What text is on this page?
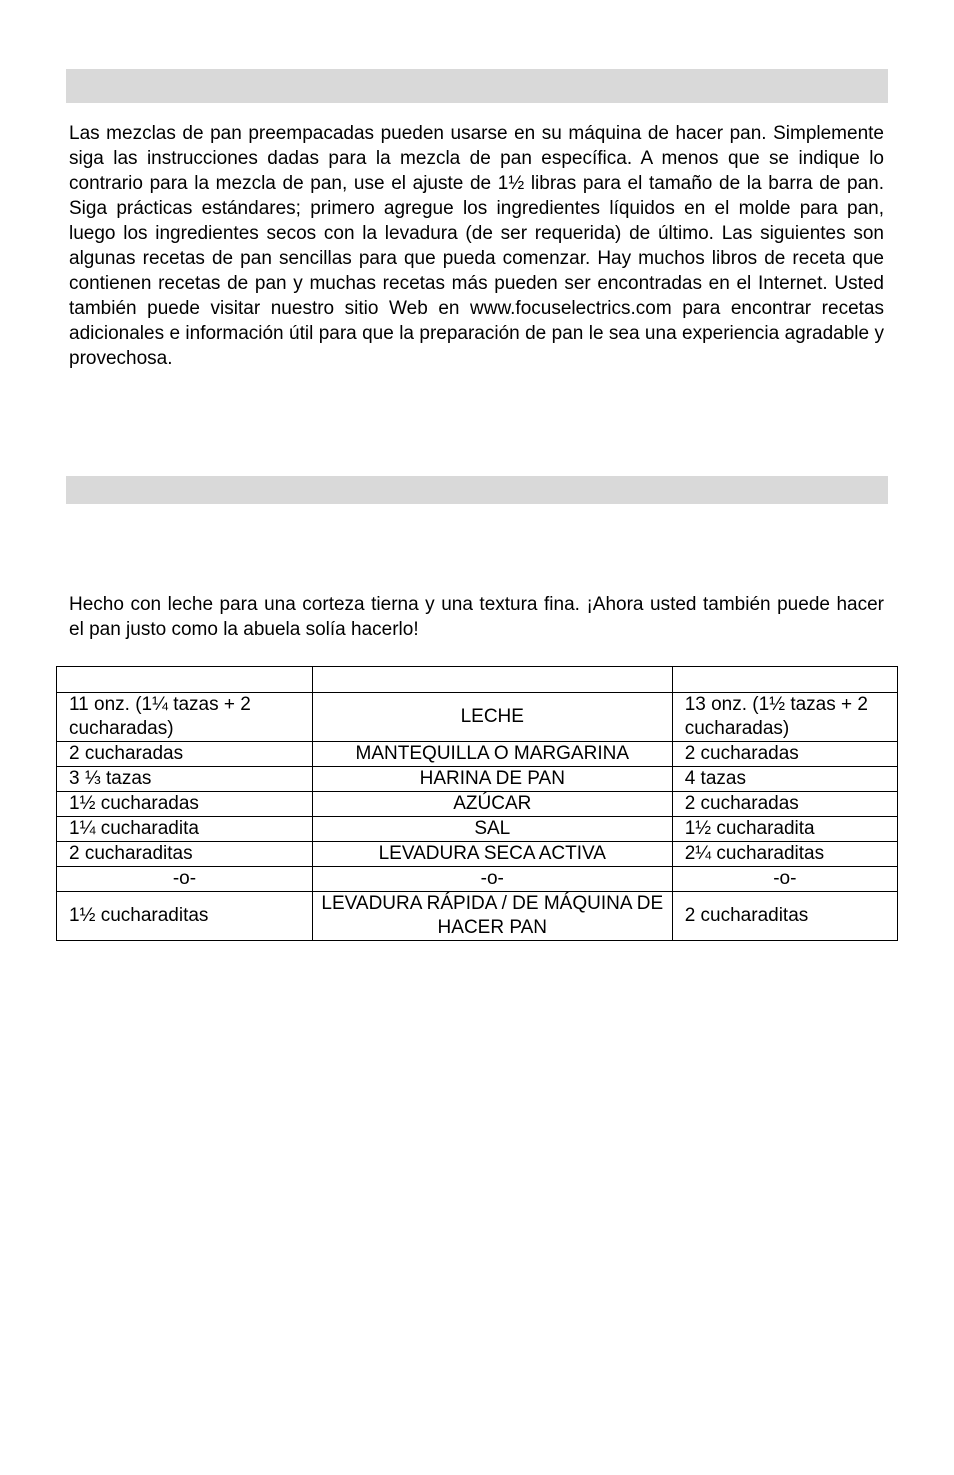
Las mezclas de pan preempacadas pueden usarse en su máquina de hacer pan. Simplemente siga las instrucciones dadas para la mezcla de pan específica. A menos que se indique lo contrario para la mezcla de pan, use el ajuste de 1½ libras para el tamaño de la barra de pan. Siga prácticas estándares; primero agregue los ingredientes líquidos en el molde para pan, luego los ingredientes secos con la levadura (de ser requerida) de último. Las siguientes son algunas recetas de pan sencillas para que pueda comenzar. Hay muchos libros de receta que contienen recetas de pan y muchas recetas más pueden ser encontradas en el Internet. Usted también puede visitar nuestro sitio Web en www.focuselectrics.com para encontrar recetas adicionales e información útil para que la preparación de pan le sea una experiencia agradable y provechosa.

Hecho con leche para una corteza tierna y una textura fina. ¡Ahora usted también puede hacer el pan justo como la abuela solía hacerlo!

11 onz. (1¼ tazas + 2 cucharadas)	LECHE	13 onz. (1½ tazas + 2 cucharadas)
2 cucharadas	MANTEQUILLA O MARGARINA	2 cucharadas
3 ⅓ tazas	HARINA DE PAN	4 tazas
1½ cucharadas	AZÚCAR	2 cucharadas
1¼ cucharadita	SAL	1½ cucharadita
2 cucharaditas	LEVADURA SECA ACTIVA	2¼ cucharaditas
-o-	-o-	-o-
1½ cucharaditas	LEVADURA RÁPIDA / DE MÁQUINA DE HACER PAN	2 cucharaditas
